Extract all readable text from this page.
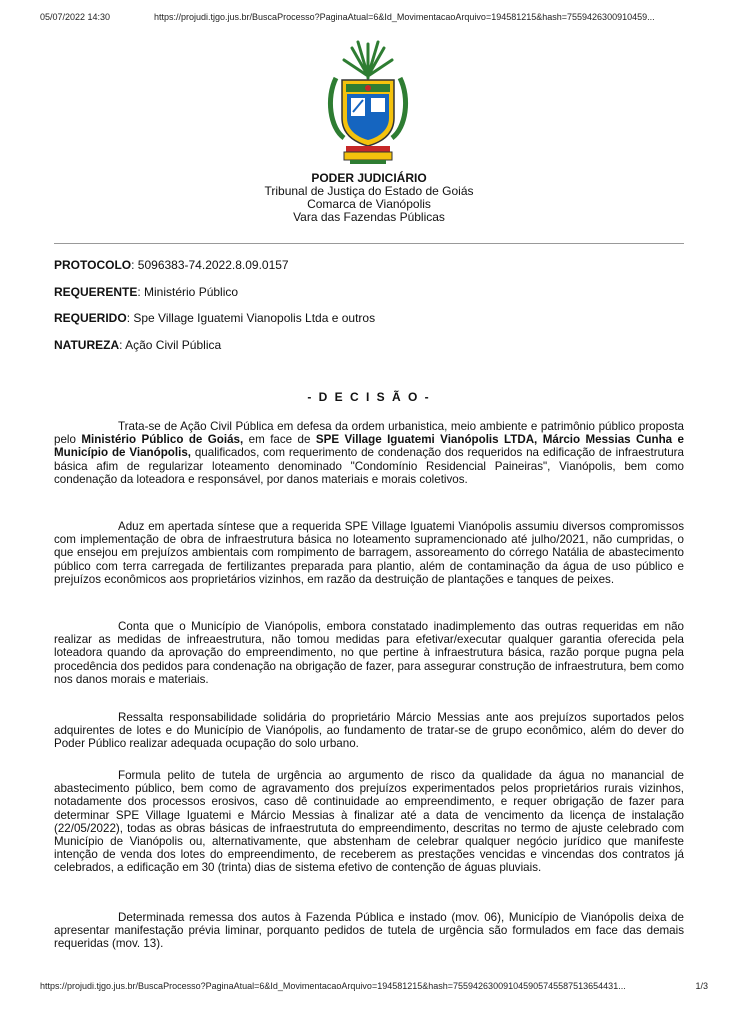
05/07/2022 14:30	https://projudi.tjgo.jus.br/BuscaProcesso?PaginaAtual=6&Id_MovimentacaoArquivo=194581215&hash=7559426300910459...
PODER JUDICIÁRIO
Tribunal de Justiça do Estado de Goiás
Comarca de Vianópolis
Vara das Fazendas Públicas
PROTOCOLO: 5096383-74.2022.8.09.0157
REQUERENTE: Ministério Público
REQUERIDO: Spe Village Iguatemi Vianopolis Ltda e outros
NATUREZA: Ação Civil Pública
- D E C I S Ã O -
Trata-se de Ação Civil Pública em defesa da ordem urbanistica, meio ambiente e patrimônio público proposta pelo Ministério Público de Goiás, em face de SPE Village Iguatemi Vianópolis LTDA, Márcio Messias Cunha e Município de Vianópolis, qualificados, com requerimento de condenação dos requeridos na edificação de infraestrutura básica afim de regularizar loteamento denominado "Condomínio Residencial Paineiras", Vianópolis, bem como condenação da loteadora e responsável, por danos materiais e morais coletivos.
Aduz em apertada síntese que a requerida SPE Village Iguatemi Vianópolis assumiu diversos compromissos com implementação de obra de infraestrutura básica no loteamento supramencionado até julho/2021, não cumpridas, o que ensejou em prejuízos ambientais com rompimento de barragem, assoreamento do córrego Natália de abastecimento público com terra carregada de fertilizantes preparada para plantio, além de contaminação da água de uso público e prejuízos econômicos aos proprietários vizinhos, em razão da destruição de plantações e tanques de peixes.
Conta que o Município de Vianópolis, embora constatado inadimplemento das outras requeridas em não realizar as medidas de infreaestrutura, não tomou medidas para efetivar/executar qualquer garantia oferecida pela loteadora quando da aprovação do empreendimento, no que pertine à infraestrutura básica, razão porque pugna pela procedência dos pedidos para condenação na obrigação de fazer, para assegurar construção de infraestrutura, bem como nos danos morais e materiais.
Ressalta responsabilidade solidária do proprietário Márcio Messias ante aos prejuízos suportados pelos adquirentes de lotes e do Município de Vianópolis, ao fundamento de tratar-se de grupo econômico, além do dever do Poder Público realizar adequada ocupação do solo urbano.
Formula pelito de tutela de urgência ao argumento de risco da qualidade da água no manancial de abastecimento público, bem como de agravamento dos prejuízos experimentados pelos proprietários rurais vizinhos, notadamente dos processos erosivos, caso dê continuidade ao empreendimento, e requer obrigação de fazer para determinar SPE Village Iguatemi e Márcio Messias à finalizar até a data de vencimento da licença de instalação (22/05/2022), todas as obras básicas de infraestrututa do empreendimento, descritas no termo de ajuste celebrado com Município de Vianópolis ou, alternativamente, que abstenham de celebrar qualquer negócio jurídico que manifeste intenção de venda dos lotes do empreendimento, de receberem as prestações vencidas e vincendas dos contratos já celebrados, a edificação em 30 (trinta) dias de sistema efetivo de contenção de águas pluviais.
Determinada remessa dos autos à Fazenda Pública e instado (mov. 06), Município de Vianópolis deixa de apresentar manifestação prévia liminar, porquanto pedidos de tutela de urgência são formulados em face das demais requeridas (mov. 13).
https://projudi.tjgo.jus.br/BuscaProcesso?PaginaAtual=6&Id_MovimentacaoArquivo=194581215&hash=75594263009104590574558751365443​1...	1/3
